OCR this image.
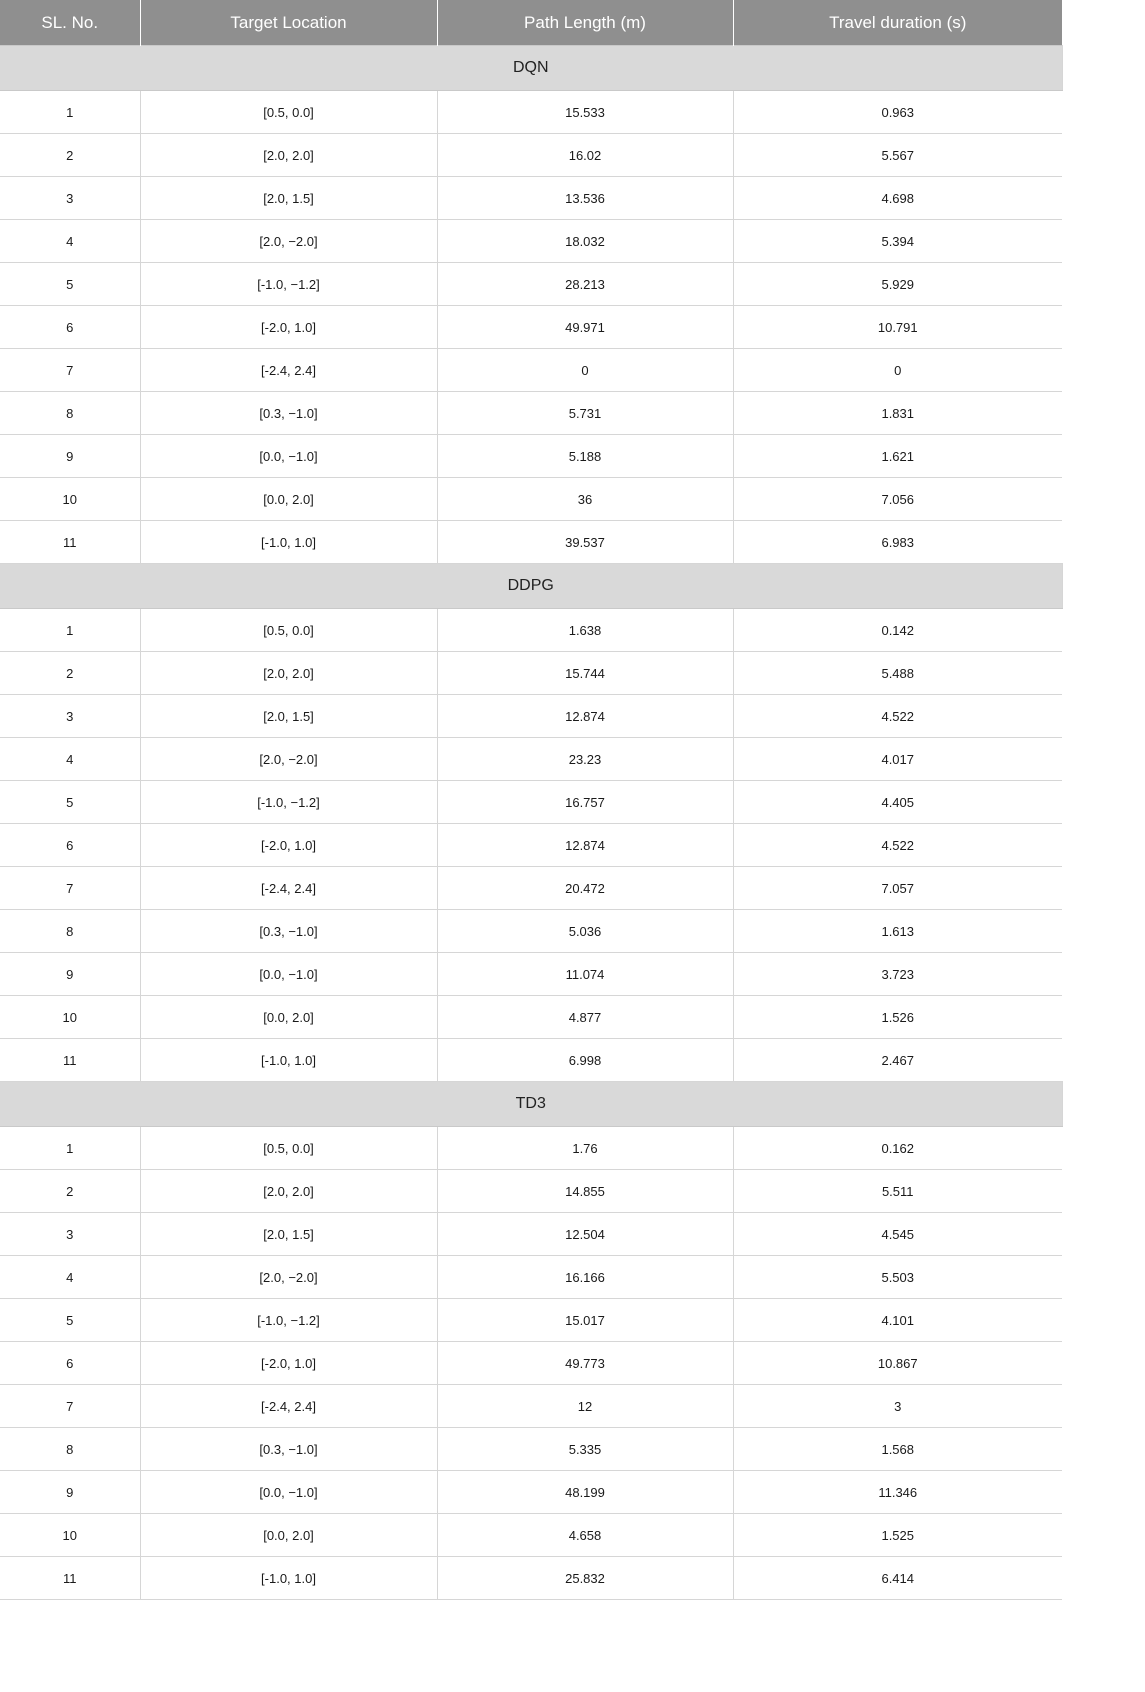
SL. No.	Target Location	Path Length (m)	Travel duration (s)
DQN			
1	[0.5, 0.0]	15.533	0.963
2	[2.0, 2.0]	16.02	5.567
3	[2.0, 1.5]	13.536	4.698
4	[2.0, −2.0]	18.032	5.394
5	[-1.0, −1.2]	28.213	5.929
6	[-2.0, 1.0]	49.971	10.791
7	[-2.4, 2.4]	0	0
8	[0.3, −1.0]	5.731	1.831
9	[0.0, −1.0]	5.188	1.621
10	[0.0, 2.0]	36	7.056
11	[-1.0, 1.0]	39.537	6.983
DDPG			
1	[0.5, 0.0]	1.638	0.142
2	[2.0, 2.0]	15.744	5.488
3	[2.0, 1.5]	12.874	4.522
4	[2.0, −2.0]	23.23	4.017
5	[-1.0, −1.2]	16.757	4.405
6	[-2.0, 1.0]	12.874	4.522
7	[-2.4, 2.4]	20.472	7.057
8	[0.3, −1.0]	5.036	1.613
9	[0.0, −1.0]	11.074	3.723
10	[0.0, 2.0]	4.877	1.526
11	[-1.0, 1.0]	6.998	2.467
TD3			
1	[0.5, 0.0]	1.76	0.162
2	[2.0, 2.0]	14.855	5.511
3	[2.0, 1.5]	12.504	4.545
4	[2.0, −2.0]	16.166	5.503
5	[-1.0, −1.2]	15.017	4.101
6	[-2.0, 1.0]	49.773	10.867
7	[-2.4, 2.4]	12	3
8	[0.3, −1.0]	5.335	1.568
9	[0.0, −1.0]	48.199	11.346
10	[0.0, 2.0]	4.658	1.525
11	[-1.0, 1.0]	25.832	6.414
